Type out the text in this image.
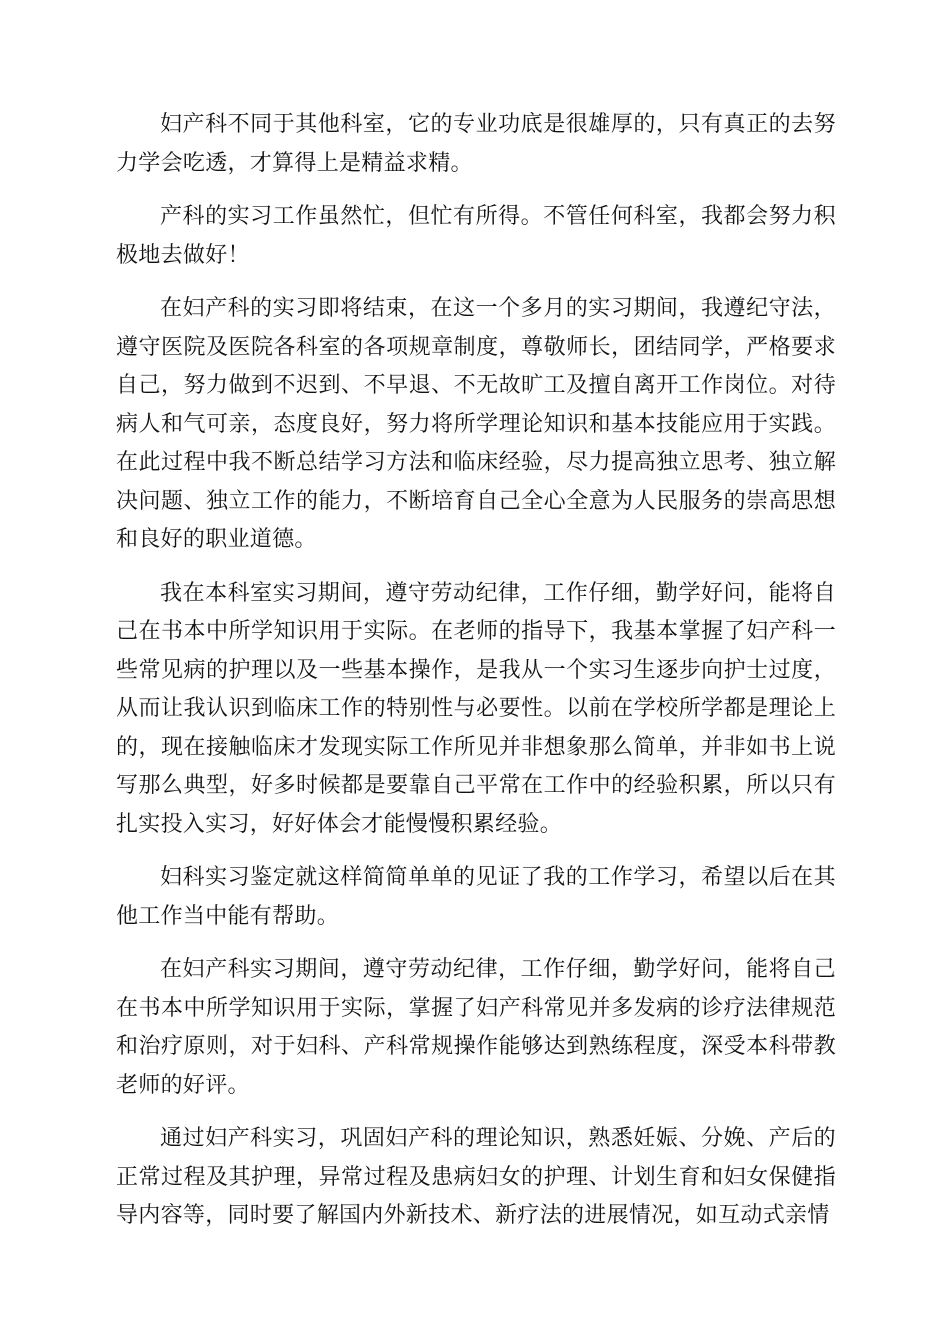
妇产科不同于其他科室，它的专业功底是很雄厚的，只有真正的去努力学会吃透，才算得上是精益求精。

产科的实习工作虽然忙，但忙有所得。不管任何科室，我都会努力积极地去做好！

在妇产科的实习即将结束，在这一个多月的实习期间，我遵纪守法，遵守医院及医院各科室的各项规章制度，尊敬师长，团结同学，严格要求自己，努力做到不迟到、不早退、不无故旷工及擅自离开工作岗位。对待病人和气可亲，态度良好，努力将所学理论知识和基本技能应用于实践。在此过程中我不断总结学习方法和临床经验，尽力提高独立思考、独立解决问题、独立工作的能力，不断培育自己全心全意为人民服务的崇高思想和良好的职业道德。

我在本科室实习期间，遵守劳动纪律，工作仔细，勤学好问，能将自己在书本中所学知识用于实际。在老师的指导下，我基本掌握了妇产科一些常见病的护理以及一些基本操作，是我从一个实习生逐步向护士过度，从而让我认识到临床工作的特别性与必要性。以前在学校所学都是理论上的，现在接触临床才发现实际工作所见并非想象那么简单，并非如书上说写那么典型，好多时候都是要靠自己平常在工作中的经验积累，所以只有扎实投入实习，好好体会才能慢慢积累经验。

妇科实习鉴定就这样简简单单的见证了我的工作学习，希望以后在其他工作当中能有帮助。

在妇产科实习期间，遵守劳动纪律，工作仔细，勤学好问，能将自己在书本中所学知识用于实际，掌握了妇产科常见并多发病的诊疗法律规范和治疗原则，对于妇科、产科常规操作能够达到熟练程度，深受本科带教老师的好评。

通过妇产科实习，巩固妇产科的理论知识，熟悉妊娠、分娩、产后的正常过程及其护理，异常过程及患病妇女的护理、计划生育和妇女保健指导内容等，同时要了解国内外新技术、新疗法的进展情况，如互动式亲情
